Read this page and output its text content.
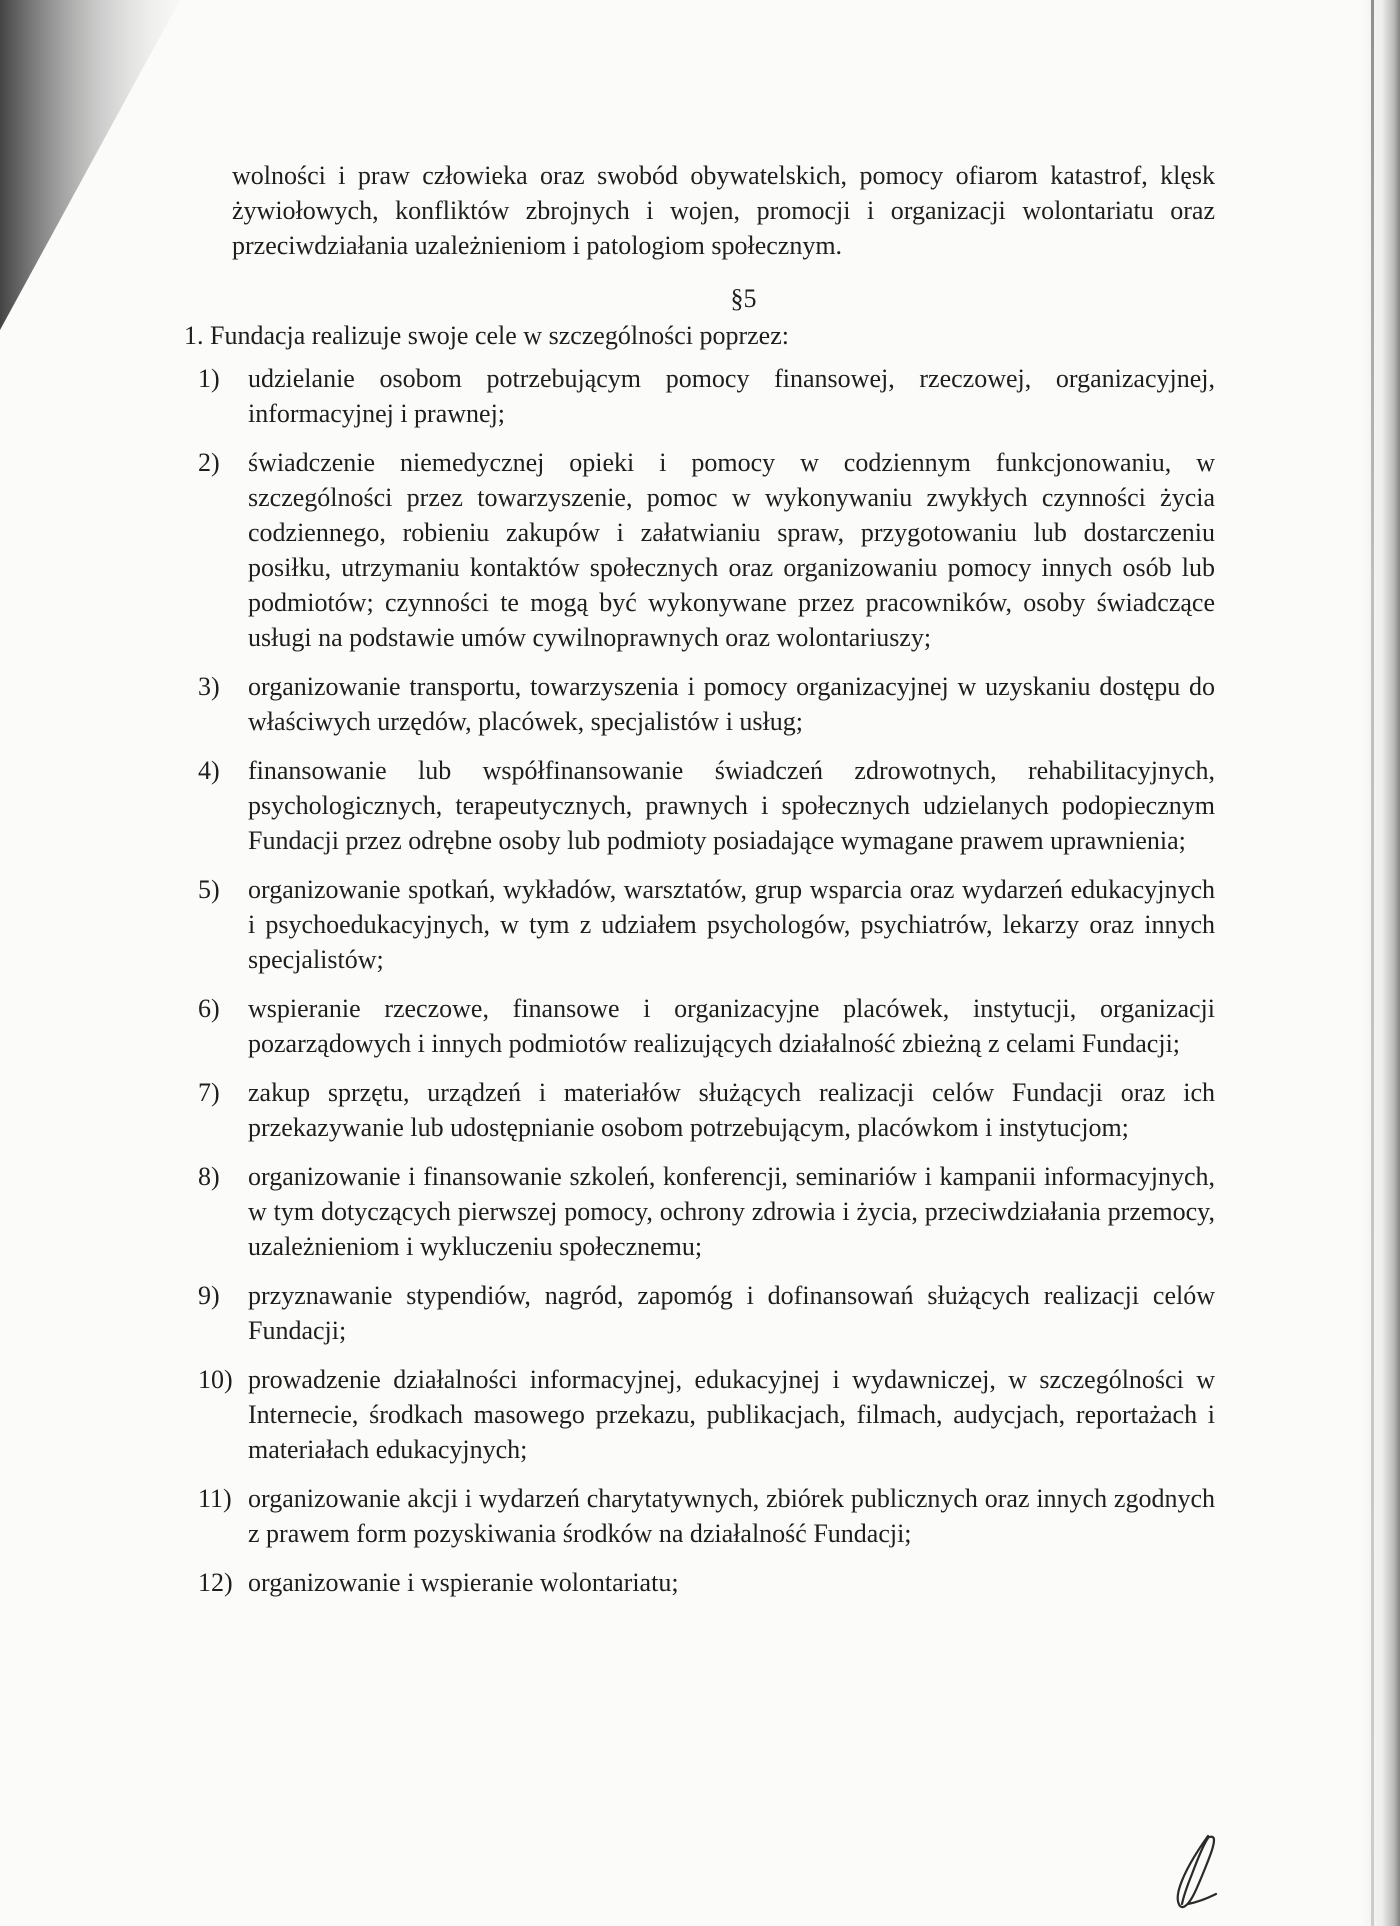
wolności i praw człowieka oraz swobód obywatelskich, pomocy ofiarom katastrof, klęsk żywiołowych, konfliktów zbrojnych i wojen, promocji i organizacji wolontariatu oraz przeciwdziałania uzależnieniom i patologiom społecznym.

§5

1. Fundacja realizuje swoje cele w szczególności poprzez:

1) udzielanie osobom potrzebującym pomocy finansowej, rzeczowej, organizacyjnej, informacyjnej i prawnej;
2) świadczenie niemedycznej opieki i pomocy w codziennym funkcjonowaniu, w szczególności przez towarzyszenie, pomoc w wykonywaniu zwykłych czynności życia codziennego, robieniu zakupów i załatwianiu spraw, przygotowaniu lub dostarczeniu posiłku, utrzymaniu kontaktów społecznych oraz organizowaniu pomocy innych osób lub podmiotów; czynności te mogą być wykonywane przez pracowników, osoby świadczące usługi na podstawie umów cywilnoprawnych oraz wolontariuszy;
3) organizowanie transportu, towarzyszenia i pomocy organizacyjnej w uzyskaniu dostępu do właściwych urzędów, placówek, specjalistów i usług;
4) finansowanie lub współfinansowanie świadczeń zdrowotnych, rehabilitacyjnych, psychologicznych, terapeutycznych, prawnych i społecznych udzielanych podopiecznym Fundacji przez odrębne osoby lub podmioty posiadające wymagane prawem uprawnienia;
5) organizowanie spotkań, wykładów, warsztatów, grup wsparcia oraz wydarzeń edukacyjnych i psychoedukacyjnych, w tym z udziałem psychologów, psychiatrów, lekarzy oraz innych specjalistów;
6) wspieranie rzeczowe, finansowe i organizacyjne placówek, instytucji, organizacji pozarządowych i innych podmiotów realizujących działalność zbieżną z celami Fundacji;
7) zakup sprzętu, urządzeń i materiałów służących realizacji celów Fundacji oraz ich przekazywanie lub udostępnianie osobom potrzebującym, placówkom i instytucjom;
8) organizowanie i finansowanie szkoleń, konferencji, seminariów i kampanii informacyjnych, w tym dotyczących pierwszej pomocy, ochrony zdrowia i życia, przeciwdziałania przemocy, uzależnieniom i wykluczeniu społecznemu;
9) przyznawanie stypendiów, nagród, zapomóg i dofinansowań służących realizacji celów Fundacji;
10) prowadzenie działalności informacyjnej, edukacyjnej i wydawniczej, w szczególności w Internecie, środkach masowego przekazu, publikacjach, filmach, audycjach, reportażach i materiałach edukacyjnych;
11) organizowanie akcji i wydarzeń charytatywnych, zbiórek publicznych oraz innych zgodnych z prawem form pozyskiwania środków na działalność Fundacji;
12) organizowanie i wspieranie wolontariatu;
